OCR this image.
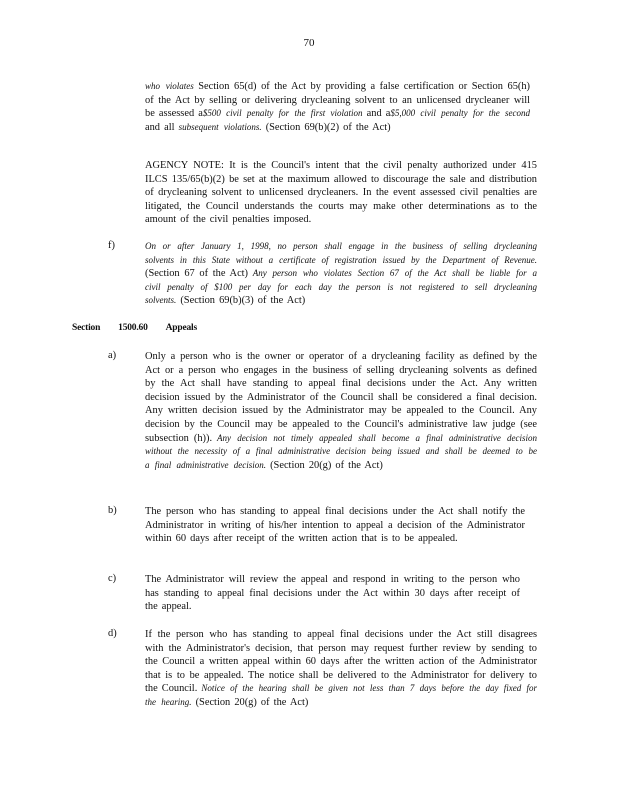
70
who violates Section 65(d) of the Act by providing a false certification or Section 65(h) of the Act by selling or delivering drycleaning solvent to an unlicensed drycleaner will be assessed a$500 civil penalty for the first violation and a$5,000 civil penalty for the second and all subsequent violations. (Section 69(b)(2) of the Act)
AGENCY NOTE: It is the Council's intent that the civil penalty authorized under 415 ILCS 135/65(b)(2) be set at the maximum allowed to discourage the sale and distribution of drycleaning solvent to unlicensed drycleaners. In the event assessed civil penalties are litigated, the Council understands the courts may make other determinations as to the amount of the civil penalties imposed.
f)	On or after January 1, 1998, no person shall engage in the business of selling drycleaning solvents in this State without a certificate of registration issued by the Department of Revenue. (Section 67 of the Act) Any person who violates Section 67 of the Act shall be liable for a civil penalty of $100 per day for each day the person is not registered to sell drycleaning solvents. (Section 69(b)(3) of the Act)
Section 1500.60 Appeals
a)	Only a person who is the owner or operator of a drycleaning facility as defined by the Act or a person who engages in the business of selling drycleaning solvents as defined by the Act shall have standing to appeal final decisions under the Act. Any written decision issued by the Administrator of the Council shall be considered a final decision. Any written decision issued by the Administrator may be appealed to the Council. Any decision by the Council may be appealed to the Council's administrative law judge (see subsection (h)). Any decision not timely appealed shall become a final administrative decision without the necessity of a final administrative decision being issued and shall be deemed to be a final administrative decision. (Section 20(g) of the Act)
b)	The person who has standing to appeal final decisions under the Act shall notify the Administrator in writing of his/her intention to appeal a decision of the Administrator within 60 days after receipt of the written action that is to be appealed.
c)	The Administrator will review the appeal and respond in writing to the person who has standing to appeal final decisions under the Act within 30 days after receipt of the appeal.
d)	If the person who has standing to appeal final decisions under the Act still disagrees with the Administrator's decision, that person may request further review by sending to the Council a written appeal within 60 days after the written action of the Administrator that is to be appealed. The notice shall be delivered to the Administrator for delivery to the Council. Notice of the hearing shall be given not less than 7 days before the day fixed for the hearing. (Section 20(g) of the Act)
